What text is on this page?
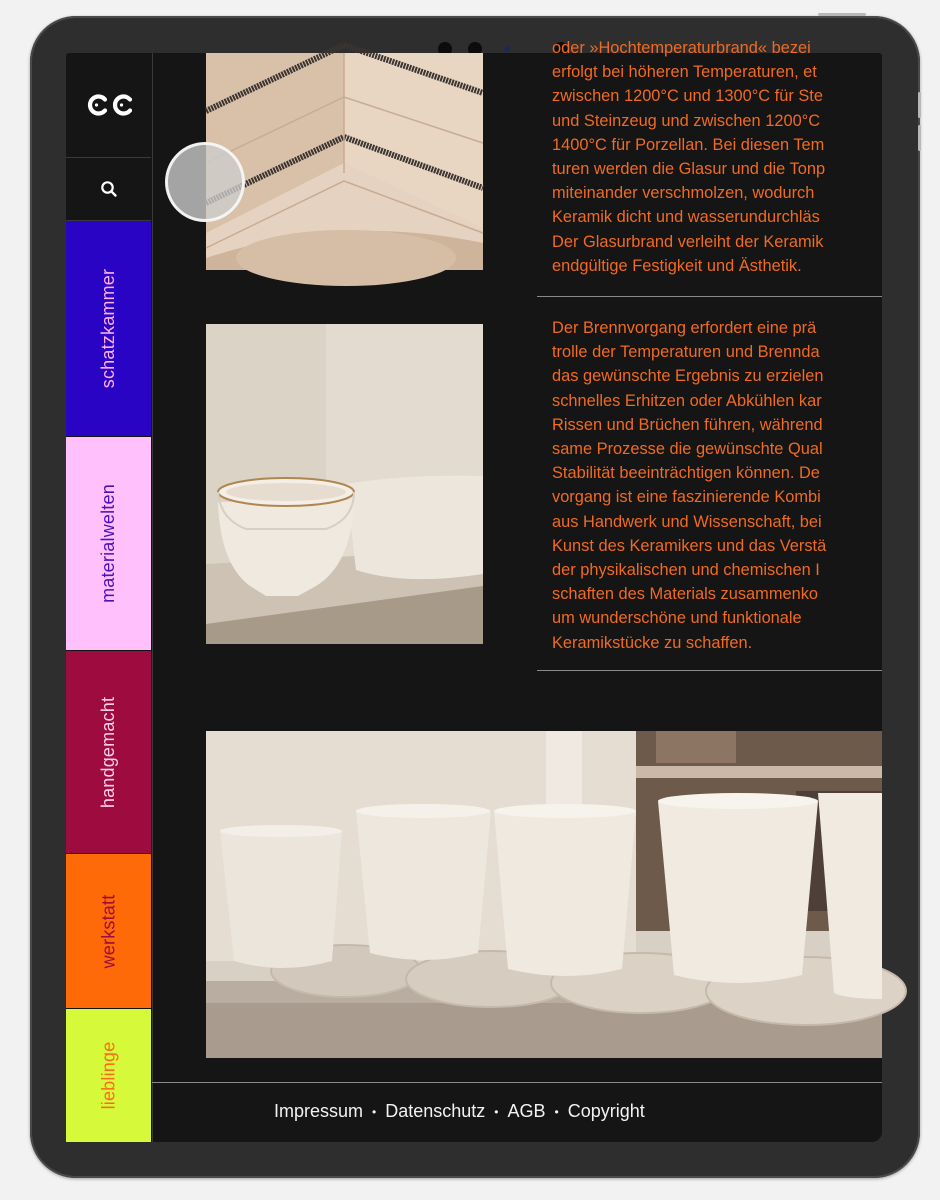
schatzkammer
materialwelten
handgemacht
werkstatt
lieblinge
oder »Hochtemperaturbrand« bezei
erfolgt bei höheren Temperaturen, et
zwischen 1200°C und 1300°C für Ste
und Steinzeug und zwischen 1200°C
1400°C für Porzellan. Bei diesen Tem
turen werden die Glasur und die Tonp
miteinander verschmolzen, wodurch
Keramik dicht und wasserundurchläs
Der Glasurbrand verleiht der Keramik
endgültige Festigkeit und Ästhetik.
Der Brennvorgang erfordert eine prä
trolle der Temperaturen und Brennda
das gewünschte Ergebnis zu erzielen
schnelles Erhitzen oder Abkühlen kar
Rissen und Brüchen führen, während
same Prozesse die gewünschte Qual
Stabilität beeinträchtigen können. De
vorgang ist eine faszinierende Kombi
aus Handwerk und Wissenschaft, bei
Kunst des Keramikers und das Verstä
der physikalischen und chemischen I
schaften des Materials zusammenko
um wunderschöne und funktionale
Keramikstücke zu schaffen.
Impressum • Datenschutz • AGB • Copyright
